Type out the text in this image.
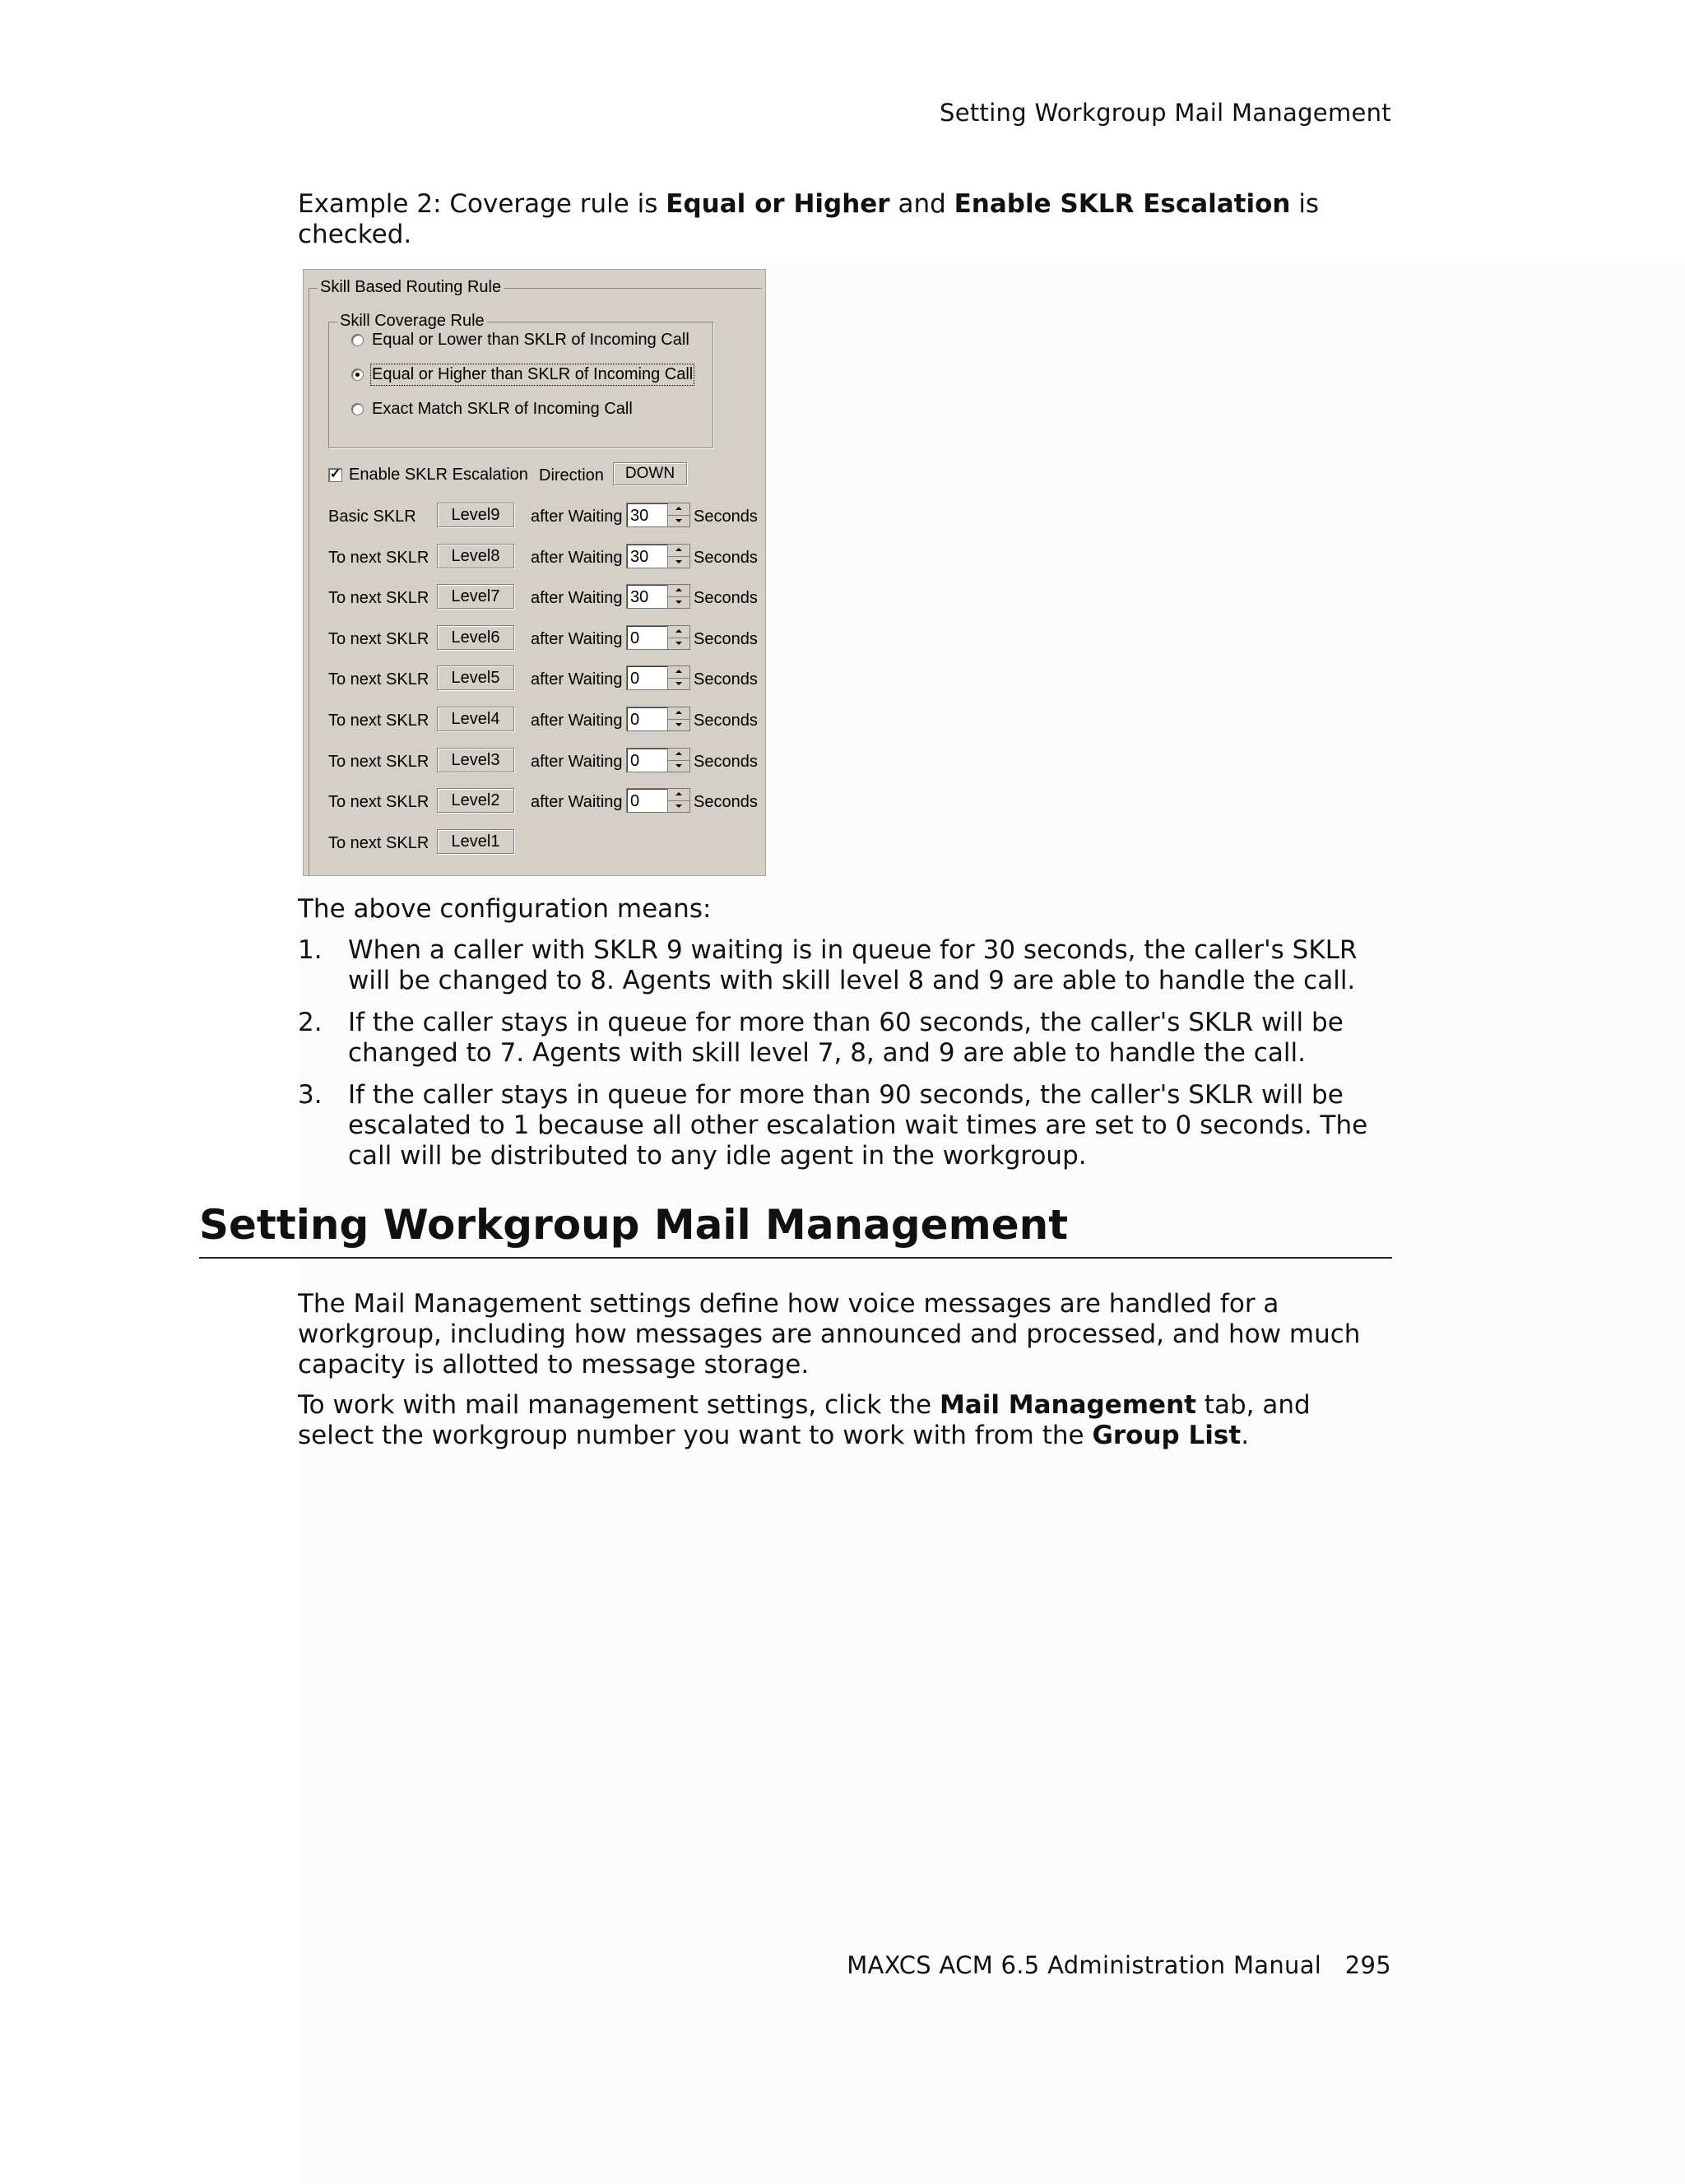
Setting Workgroup Mail Management
Example 2: Coverage rule is Equal or Higher and Enable SKLR Escalation is checked.
Skill Based Routing Rule
Skill Coverage Rule
Equal or Lower than SKLR of Incoming Call
Equal or Higher than SKLR of Incoming Call
Exact Match SKLR of Incoming Call
✓ Enable SKLR Escalation Direction	DOWN
Basic SKLR	Level9	after Waiting 30	Seconds
To next SKLR	Level8	after Waiting 30	Seconds
To next SKLR	Level7	after Waiting 30	Seconds
To next SKLR	Level6	after Waiting 0	Seconds
To next SKLR	Level5	after Waiting 0	Seconds
To next SKLR	Level4	after Waiting 0	Seconds
To next SKLR	Level3	after Waiting 0	Seconds
To next SKLR	Level2	after Waiting 0	Seconds
To next SKLR	Level1
The above configuration means:
1. When a caller with SKLR 9 waiting is in queue for 30 seconds, the caller's SKLR will be changed to 8. Agents with skill level 8 and 9 are able to handle the call.
2. If the caller stays in queue for more than 60 seconds, the caller's SKLR will be changed to 7. Agents with skill level 7, 8, and 9 are able to handle the call.
3. If the caller stays in queue for more than 90 seconds, the caller's SKLR will be escalated to 1 because all other escalation wait times are set to 0 seconds. The call will be distributed to any idle agent in the workgroup.
Setting Workgroup Mail Management
The Mail Management settings define how voice messages are handled for a workgroup, including how messages are announced and processed, and how much capacity is allotted to message storage.
To work with mail management settings, click the Mail Management tab, and select the workgroup number you want to work with from the Group List.
MAXCS ACM 6.5 Administration Manual 295
